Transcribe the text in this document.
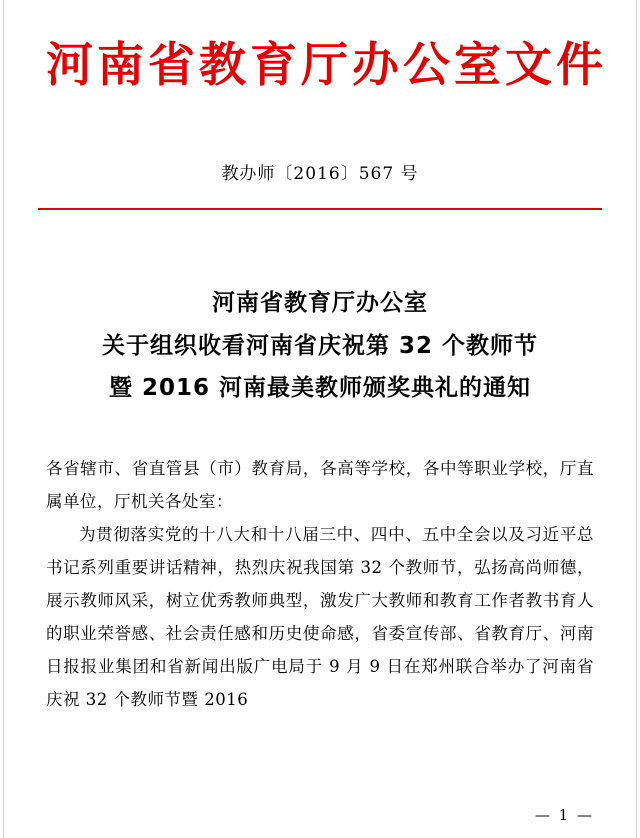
河南省教育厅办公室文件
教办师〔2016〕567 号
河南省教育厅办公室
关于组织收看河南省庆祝第 32 个教师节
暨 2016 河南最美教师颁奖典礼的通知

各省辖市、省直管县（市）教育局，各高等学校，各中等职业学校，厅直属单位，厅机关各处室：

为贯彻落实党的十八大和十八届三中、四中、五中全会以及习近平总书记系列重要讲话精神，热烈庆祝我国第 32 个教师节，弘扬高尚师德，展示教师风采，树立优秀教师典型，激发广大教师和教育工作者教书育人的职业荣誉感、社会责任感和历史使命感，省委宣传部、省教育厅、河南日报报业集团和省新闻出版广电局于 9 月 9 日在郑州联合举办了河南省庆祝 32 个教师节暨 2016

— 1 —
